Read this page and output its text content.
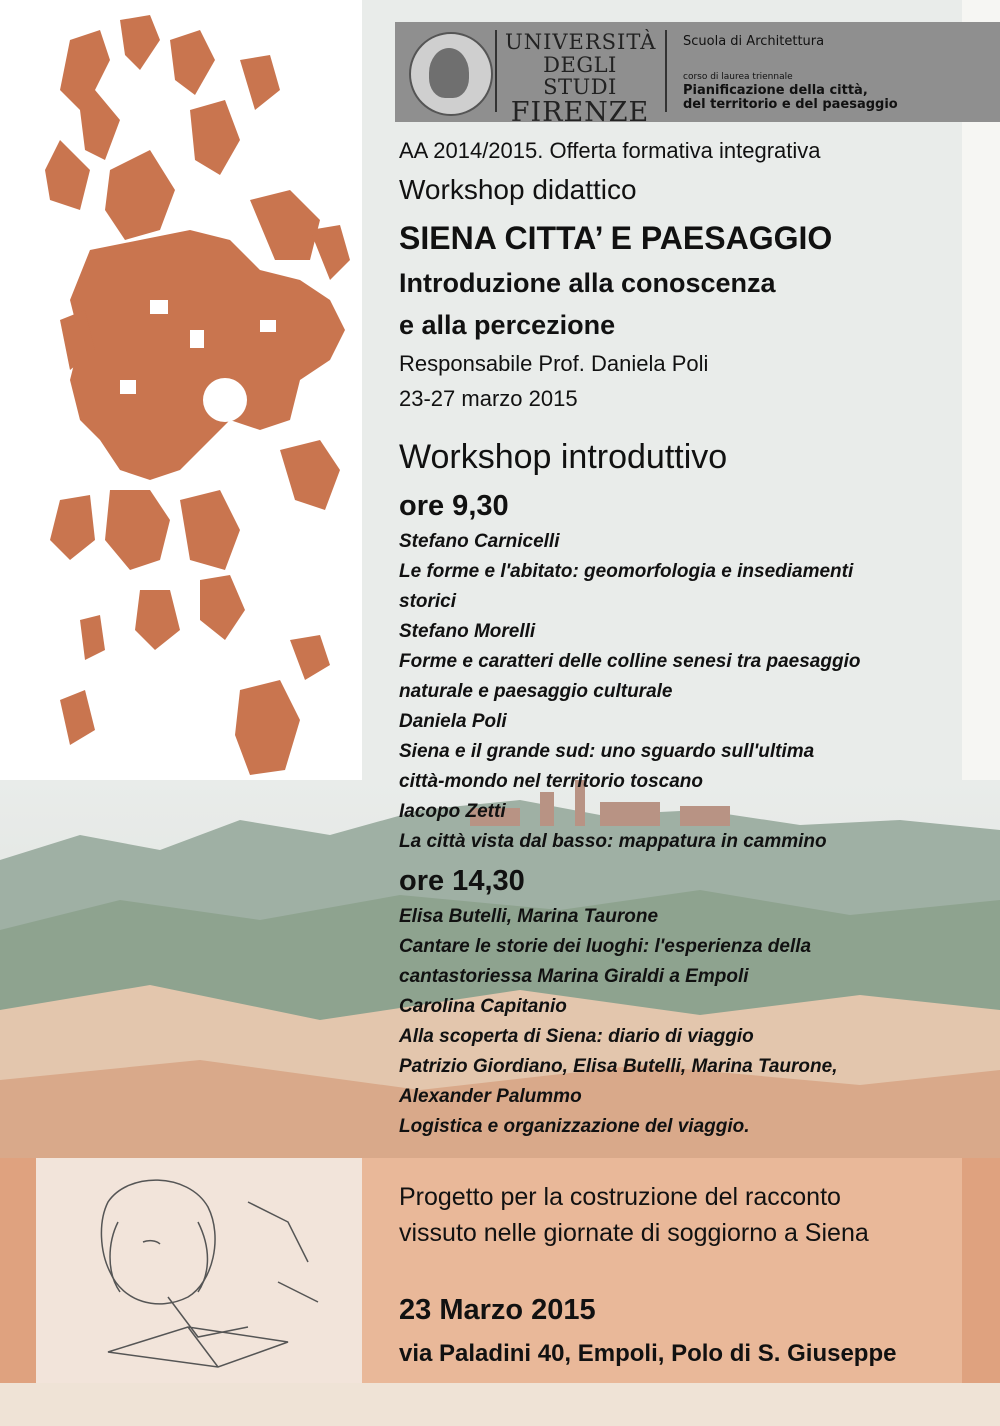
UNIVERSITÀ
DEGLI STUDI
FIRENZE
Scuola di Architettura
corso di laurea triennale
Pianificazione della città,
del territorio e del paesaggio
AA 2014/2015. Offerta formativa integrativa
Workshop didattico
SIENA CITTA’ E PAESAGGIO
Introduzione alla conoscenza
e alla percezione
Responsabile Prof. Daniela Poli
23-27 marzo 2015
Workshop introduttivo
ore 9,30
Stefano Carnicelli
Le forme e l'abitato: geomorfologia e insediamenti
storici
Stefano Morelli
Forme e caratteri delle colline senesi tra paesaggio
naturale e paesaggio culturale
Daniela Poli
Siena e il grande sud: uno sguardo sull'ultima
città-mondo nel territorio toscano
Iacopo Zetti
La città vista dal basso: mappatura in cammino
ore 14,30
Elisa Butelli, Marina Taurone
Cantare le storie dei luoghi: l'esperienza della
cantastoriessa Marina Giraldi a Empoli
Carolina Capitanio
Alla scoperta di Siena: diario di viaggio
Patrizio Giordiano, Elisa Butelli, Marina Taurone,
Alexander Palummo
Logistica e organizzazione del viaggio.
Progetto per la costruzione del racconto
vissuto nelle giornate di soggiorno a Siena
23 Marzo 2015
via Paladini 40, Empoli, Polo di S. Giuseppe
